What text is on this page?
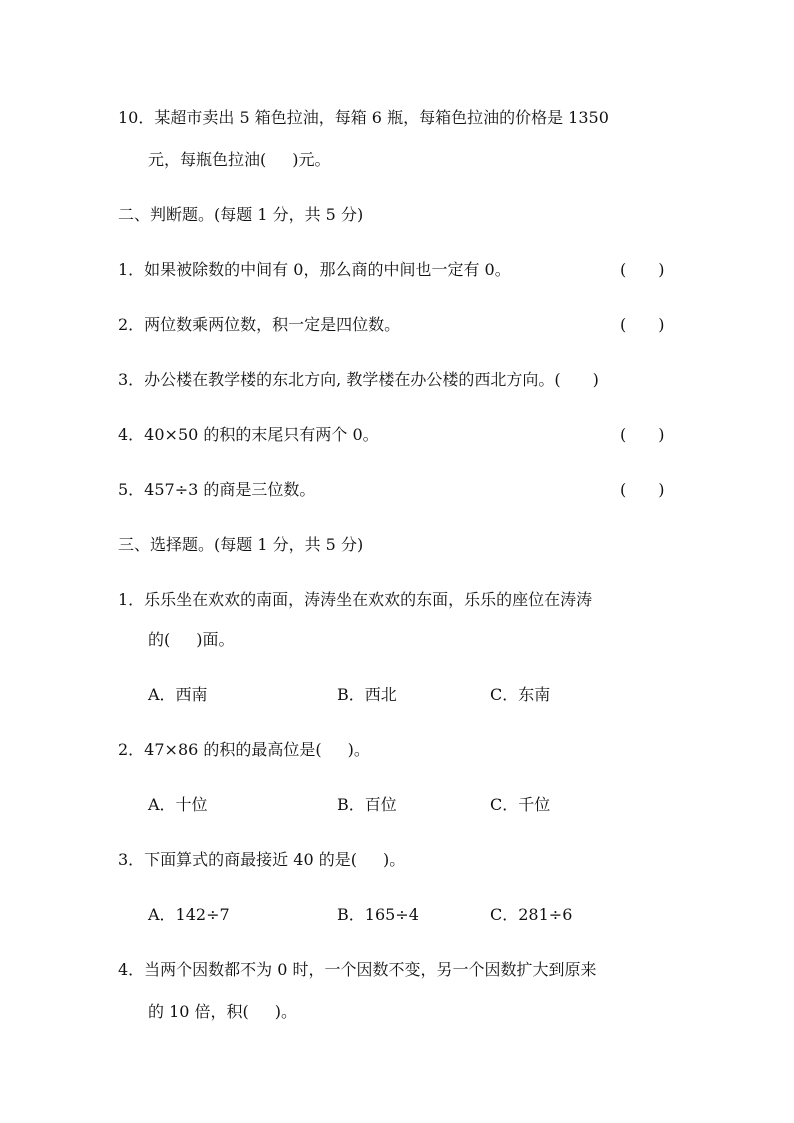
10．某超市卖出 5 箱色拉油，每箱 6 瓶，每箱色拉油的价格是 1350
元，每瓶色拉油( )元。
二、判断题。(每题 1 分，共 5 分)
1．如果被除数的中间有 0，那么商的中间也一定有 0。	(　　)
2．两位数乘两位数，积一定是四位数。	(　　)
3．办公楼在教学楼的东北方向, 教学楼在办公楼的西北方向。(　　)
4．40×50 的积的末尾只有两个 0。	(　　)
5．457÷3 的商是三位数。	(　　)
三、选择题。(每题 1 分，共 5 分)
1．乐乐坐在欢欢的南面，涛涛坐在欢欢的东面，乐乐的座位在涛涛
的( )面。
A．西南	B．西北	C．东南
2．47×86 的积的最高位是( )。
A．十位	B．百位	C．千位
3．下面算式的商最接近 40 的是( )。
A．142÷7	B．165÷4	C．281÷6
4．当两个因数都不为 0 时，一个因数不变，另一个因数扩大到原来
的 10 倍，积( )。
